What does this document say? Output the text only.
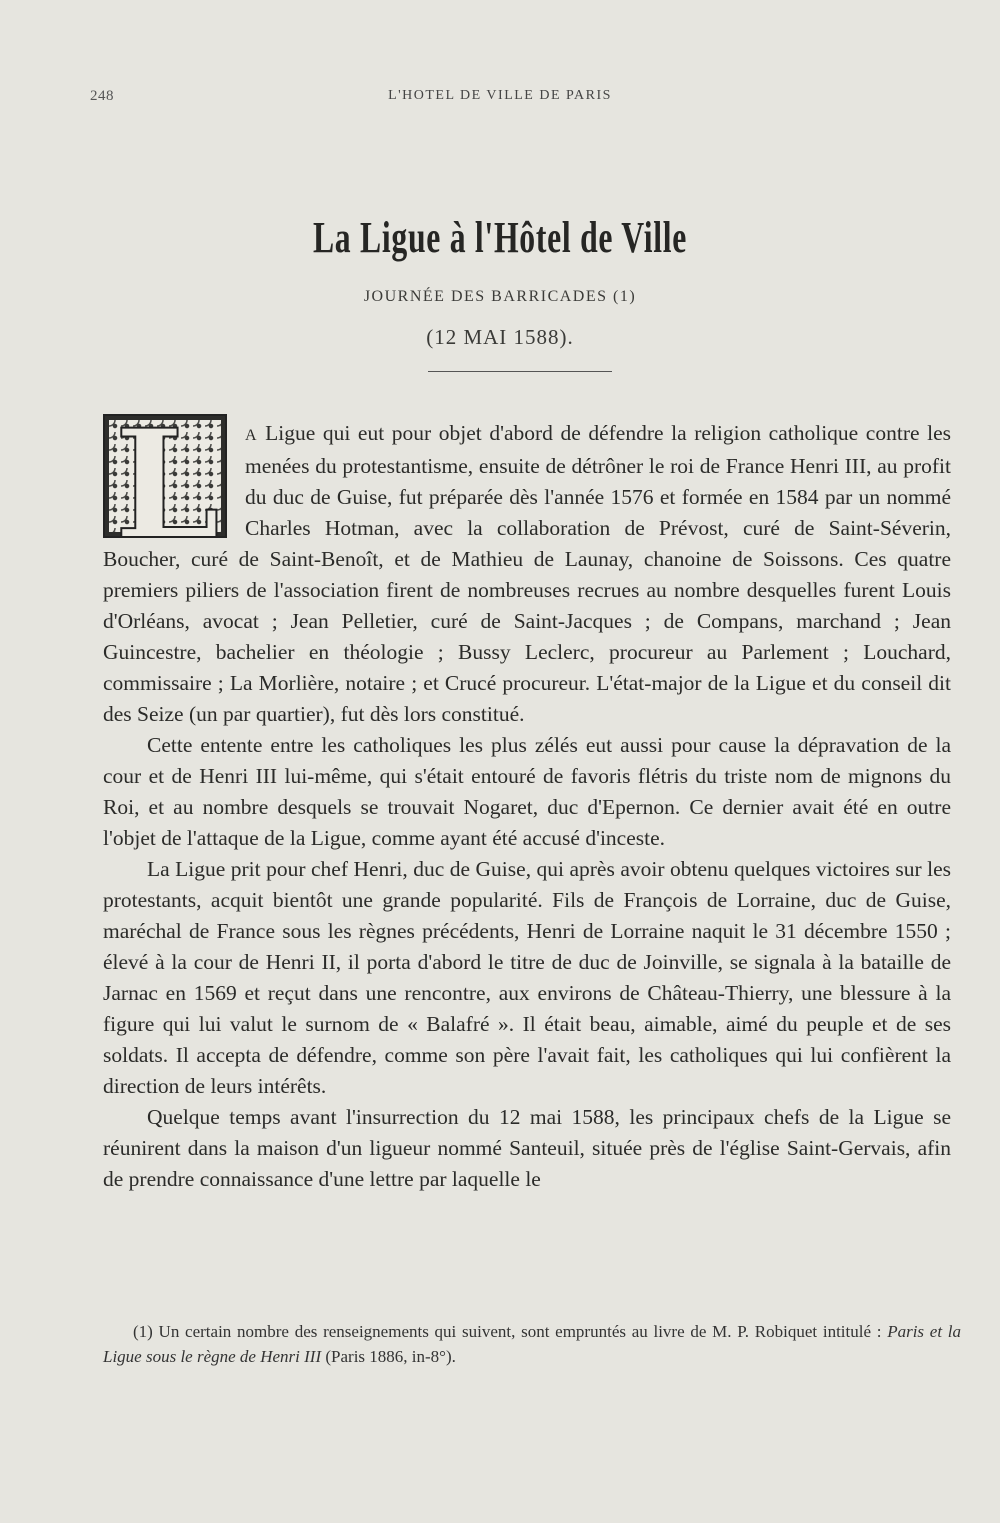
248	L'HOTEL DE VILLE DE PARIS
La Ligue à l'Hôtel de Ville
JOURNÉE DES BARRICADES (1)
(12 MAI 1588).
L	A Ligue qui eut pour objet d'abord de défendre la religion catholique contre les menées du protestantisme, ensuite de détrôner le roi de France Henri III, au profit du duc de Guise, fut préparée dès l'année 1576 et formée en 1584 par un nommé Charles Hotman, avec la collaboration de Prévost, curé de Saint-Séverin, Boucher, curé de Saint-Benoît, et de Mathieu de Launay, chanoine de Soissons. Ces quatre premiers piliers de l'association firent de nombreuses recrues au nombre desquelles furent Louis d'Orléans, avocat ; Jean Pelletier, curé de Saint-Jacques ; de Compans, marchand ; Jean Guincestre, bachelier en théologie ; Bussy Leclerc, procureur au Parlement ; Louchard, commissaire ; La Morlière, notaire ; et Crucé procureur. L'état-major de la Ligue et du conseil dit des Seize (un par quartier), fut dès lors constitué.

Cette entente entre les catholiques les plus zélés eut aussi pour cause la dépravation de la cour et de Henri III lui-même, qui s'était entouré de favoris flétris du triste nom de mignons du Roi, et au nombre desquels se trouvait Nogaret, duc d'Epernon. Ce dernier avait été en outre l'objet de l'attaque de la Ligue, comme ayant été accusé d'inceste.

La Ligue prit pour chef Henri, duc de Guise, qui après avoir obtenu quelques victoires sur les protestants, acquit bientôt une grande popularité. Fils de François de Lorraine, duc de Guise, maréchal de France sous les règnes précédents, Henri de Lorraine naquit le 31 décembre 1550 ; élevé à la cour de Henri II, il porta d'abord le titre de duc de Joinville, se signala à la bataille de Jarnac en 1569 et reçut dans une rencontre, aux environs de Château-Thierry, une blessure à la figure qui lui valut le surnom de « Balafré ». Il était beau, aimable, aimé du peuple et de ses soldats. Il accepta de défendre, comme son père l'avait fait, les catholiques qui lui confièrent la direction de leurs intérêts.

Quelque temps avant l'insurrection du 12 mai 1588, les principaux chefs de la Ligue se réunirent dans la maison d'un ligueur nommé Santeuil, située près de l'église Saint-Gervais, afin de prendre connaissance d'une lettre par laquelle le

(1) Un certain nombre des renseignements qui suivent, sont empruntés au livre de M. P. Robiquet intitulé : Paris et la Ligue sous le règne de Henri III (Paris 1886, in-8°).
